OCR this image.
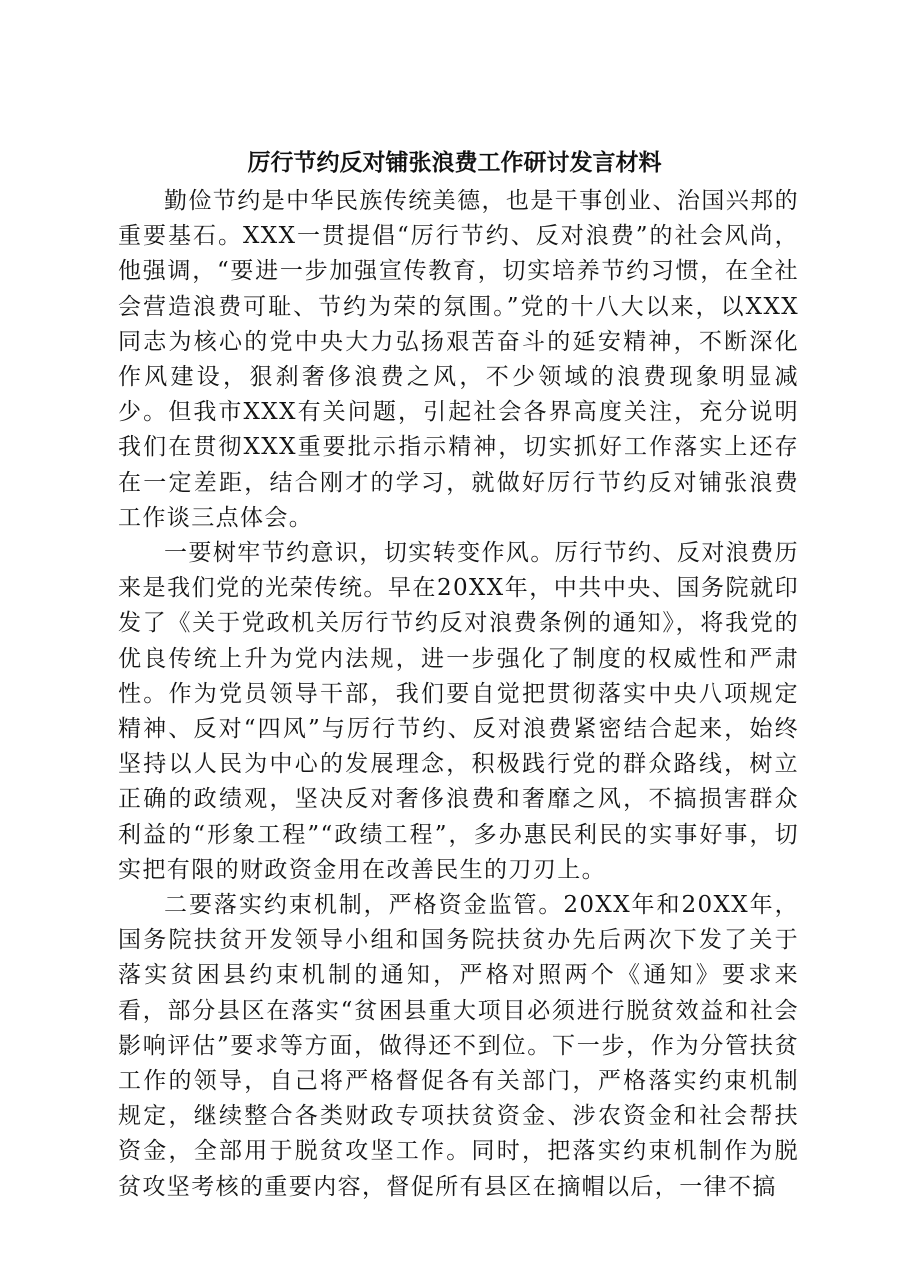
厉行节约反对铺张浪费工作研讨发言材料

勤俭节约是中华民族传统美德，也是干事创业、治国兴邦的重要基石。XXX一贯提倡“厉行节约、反对浪费”的社会风尚，他强调，“要进一步加强宣传教育，切实培养节约习惯，在全社会营造浪费可耻、节约为荣的氛围。”党的十八大以来，以XXX同志为核心的党中央大力弘扬艰苦奋斗的延安精神，不断深化作风建设，狠刹奢侈浪费之风，不少领域的浪费现象明显减少。但我市XXX有关问题，引起社会各界高度关注，充分说明我们在贯彻XXX重要批示指示精神，切实抓好工作落实上还存在一定差距，结合刚才的学习，就做好厉行节约反对铺张浪费工作谈三点体会。

一要树牢节约意识，切实转变作风。厉行节约、反对浪费历来是我们党的光荣传统。早在20XX年，中共中央、国务院就印发了《关于党政机关厉行节约反对浪费条例的通知》，将我党的优良传统上升为党内法规，进一步强化了制度的权威性和严肃性。作为党员领导干部，我们要自觉把贯彻落实中央八项规定精神、反对“四风”与厉行节约、反对浪费紧密结合起来，始终坚持以人民为中心的发展理念，积极践行党的群众路线，树立正确的政绩观，坚决反对奢侈浪费和奢靡之风，不搞损害群众利益的“形象工程”“政绩工程”，多办惠民利民的实事好事，切实把有限的财政资金用在改善民生的刀刃上。

二要落实约束机制，严格资金监管。20XX年和20XX年，国务院扶贫开发领导小组和国务院扶贫办先后两次下发了关于落实贫困县约束机制的通知，严格对照两个《通知》要求来看，部分县区在落实“贫困县重大项目必须进行脱贫效益和社会影响评估”要求等方面，做得还不到位。下一步，作为分管扶贫工作的领导，自己将严格督促各有关部门，严格落实约束机制规定，继续整合各类财政专项扶贫资金、涉农资金和社会帮扶资金，全部用于脱贫攻坚工作。同时，把落实约束机制作为脱贫攻坚考核的重要内容，督促所有县区在摘帽以后，一律不搞
